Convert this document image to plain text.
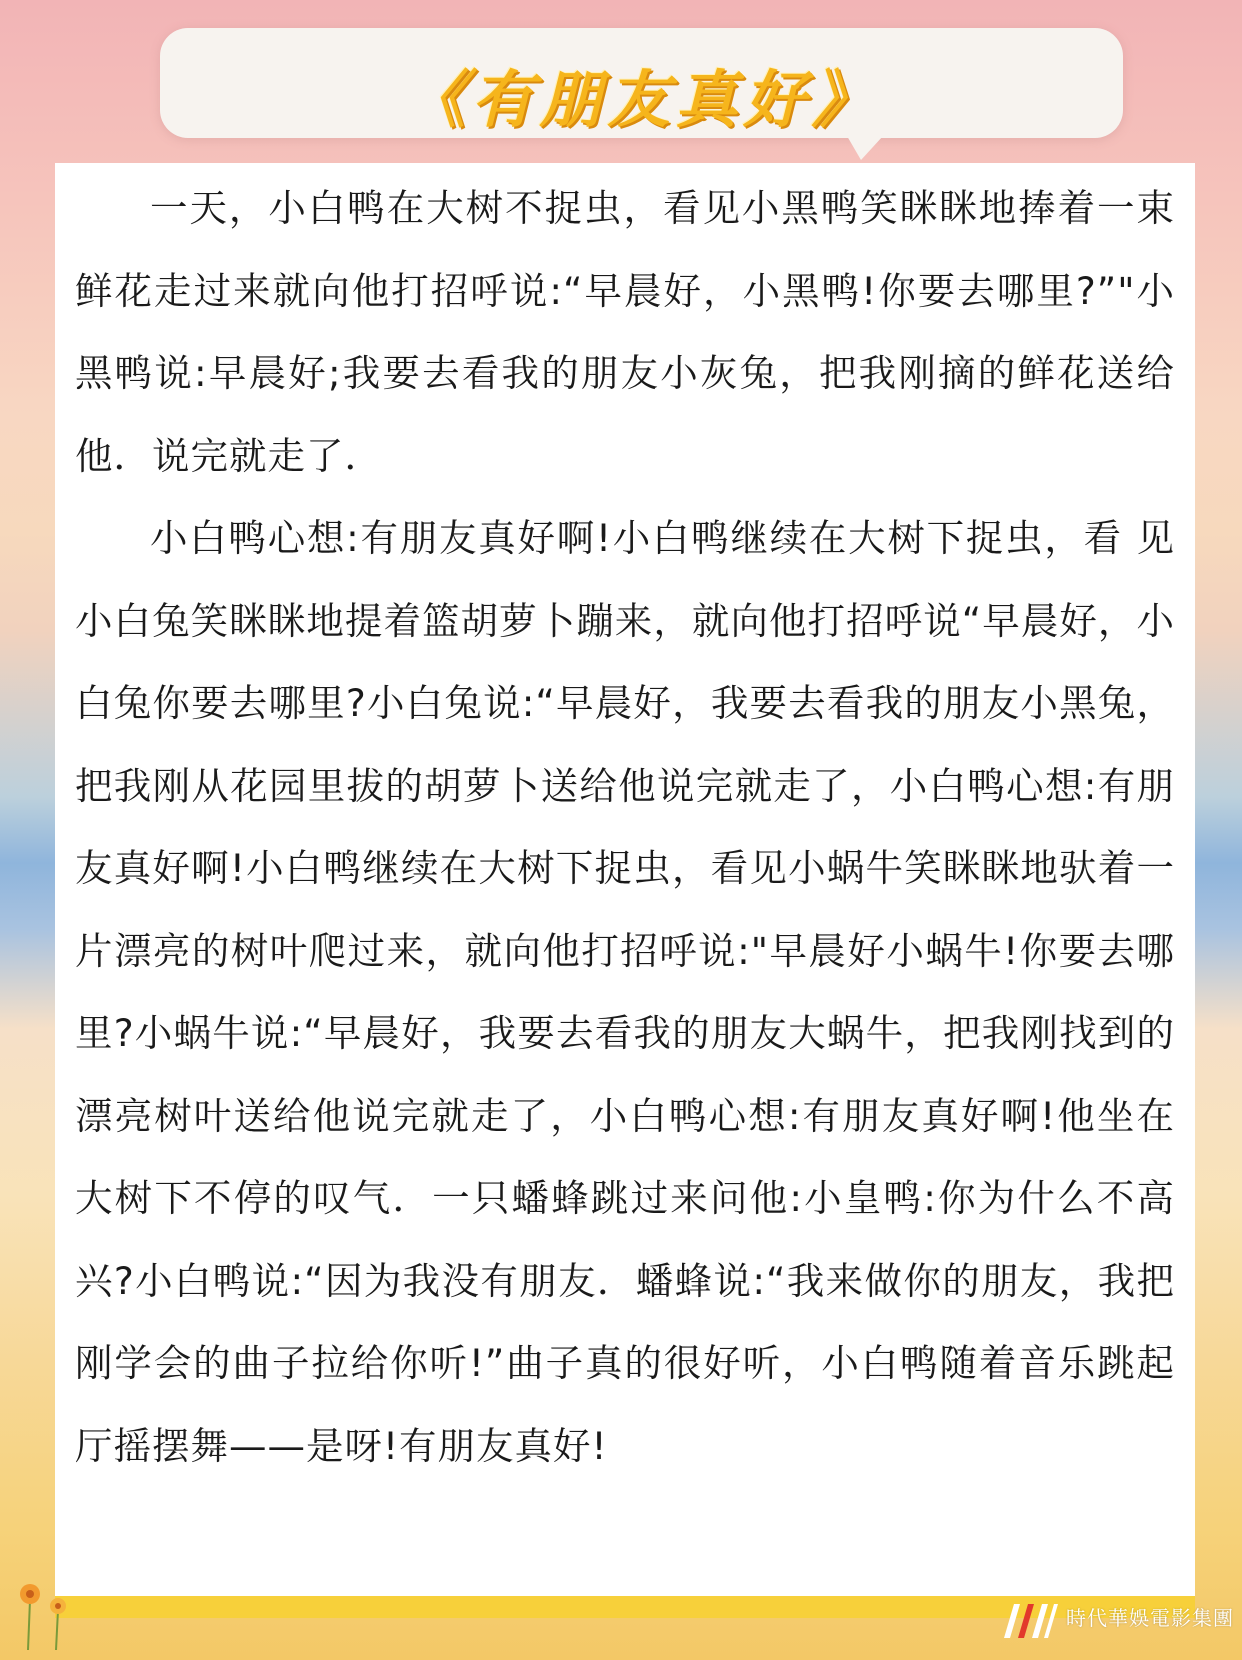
《有朋友真好》

一天，小白鸭在大树不捉虫，看见小黑鸭笑眯眯地捧着一束鲜花走过来就向他打招呼说:“早晨好，小黑鸭!你要去哪里?”"小黑鸭说:早晨好;我要去看我的朋友小灰兔，把我刚摘的鲜花送给他．说完就走了．

小白鸭心想:有朋友真好啊!小白鸭继续在大树下捉虫，看 见小白兔笑眯眯地提着篮胡萝卜蹦来，就向他打招呼说“早晨好，小白兔你要去哪里?小白兔说:“早晨好，我要去看我的朋友小黑兔，把我刚从花园里拔的胡萝卜送给他说完就走了，小白鸭心想:有朋友真好啊!小白鸭继续在大树下捉虫，看见小蜗牛笑眯眯地驮着一片漂亮的树叶爬过来，就向他打招呼说:"早晨好小蜗牛!你要去哪里?小蜗牛说:“早晨好，我要去看我的朋友大蜗牛，把我刚找到的漂亮树叶送给他说完就走了，小白鸭心想:有朋友真好啊!他坐在大树下不停的叹气．一只蟠蜂跳过来问他:小皇鸭:你为什么不高兴?小白鸭说:“因为我没有朋友．蟠蜂说:“我来做你的朋友，我把刚学会的曲子拉给你听!”曲子真的很好听，小白鸭随着音乐跳起厅摇摆舞——是呀!有朋友真好!

時代華娛電影集團
